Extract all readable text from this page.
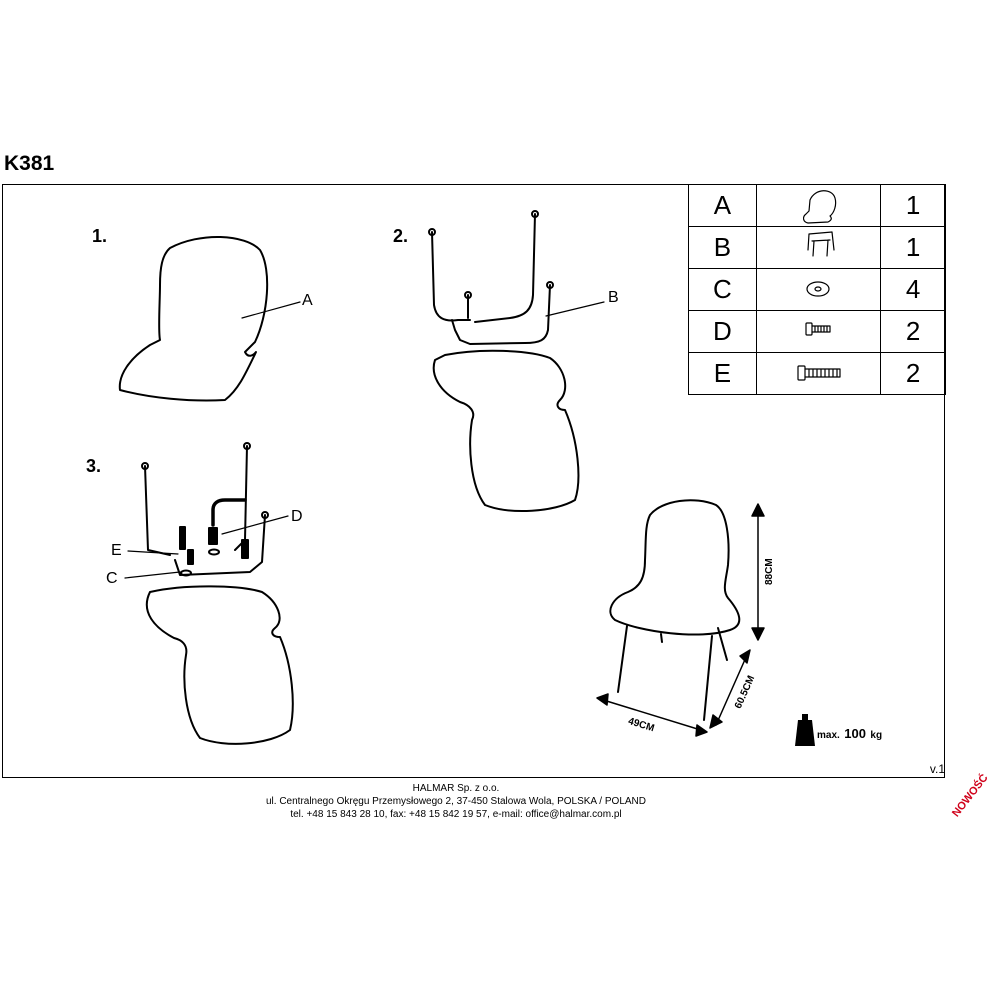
K381
1.	2.
3.
A		1
B		1
C		4
D		2
E		2
A	B
D
E
C	88CM
60.5CM
49CM
max. 100 kg
v.1
HALMAR Sp. z o.o.
ul. Centralnego Okręgu Przemysłowego 2, 37-450 Stalowa Wola, POLSKA / POLAND
tel. +48 15 843 28 10, fax: +48 15 842 19 57, e-mail: office@halmar.com.pl	NOWOŚĆ
